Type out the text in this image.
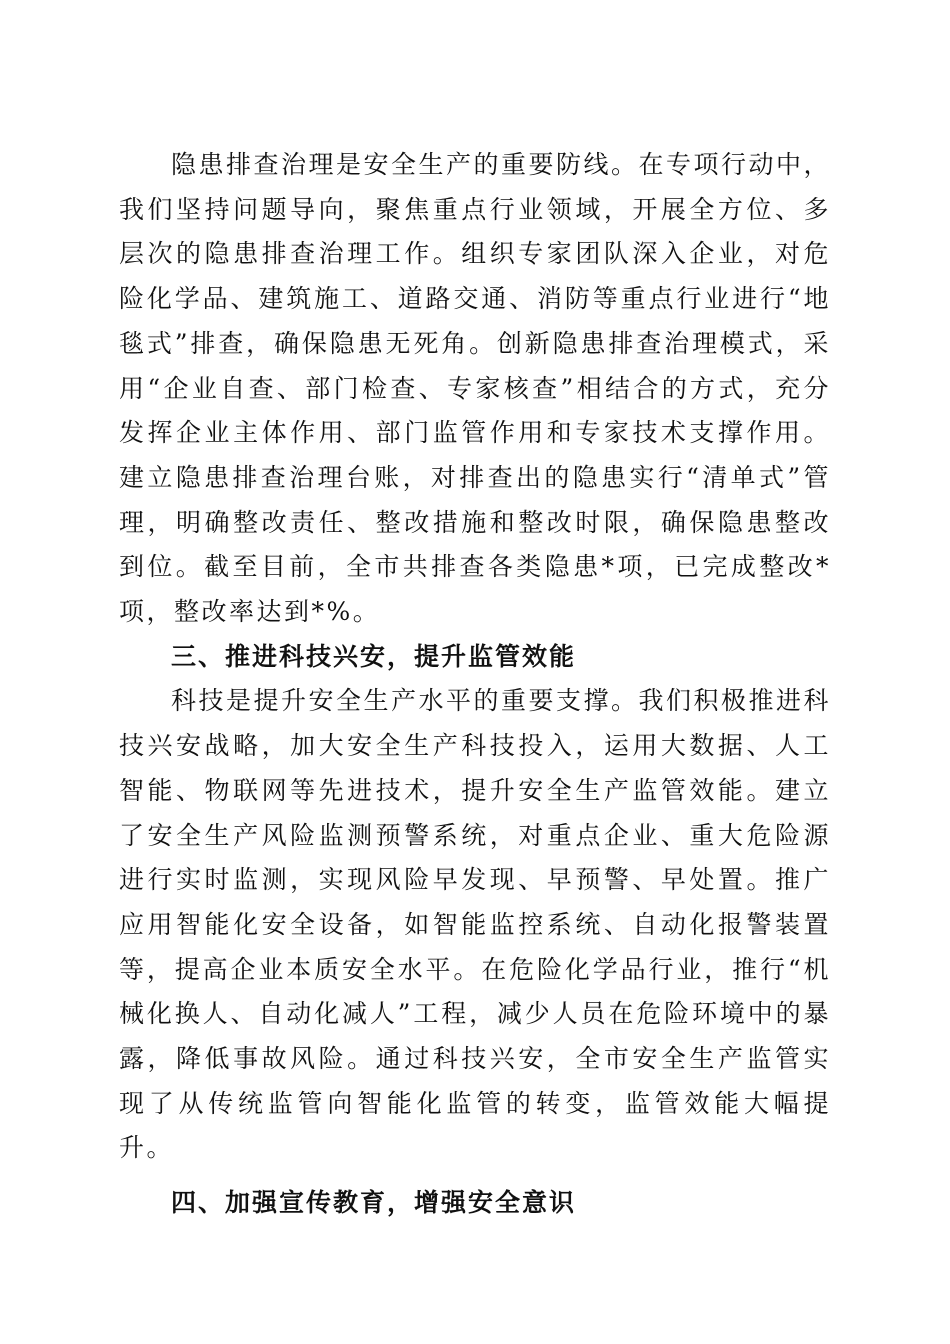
隐患排查治理是安全生产的重要防线。在专项行动中，我们坚持问题导向，聚焦重点行业领域，开展全方位、多层次的隐患排查治理工作。组织专家团队深入企业，对危险化学品、建筑施工、道路交通、消防等重点行业进行“地毯式”排查，确保隐患无死角。创新隐患排查治理模式，采用“企业自查、部门检查、专家核查”相结合的方式，充分发挥企业主体作用、部门监管作用和专家技术支撑作用。建立隐患排查治理台账，对排查出的隐患实行“清单式”管理，明确整改责任、整改措施和整改时限，确保隐患整改到位。截至目前，全市共排查各类隐患*项，已完成整改*项，整改率达到*%。

三、推进科技兴安，提升监管效能

科技是提升安全生产水平的重要支撑。我们积极推进科技兴安战略，加大安全生产科技投入，运用大数据、人工智能、物联网等先进技术，提升安全生产监管效能。建立了安全生产风险监测预警系统，对重点企业、重大危险源进行实时监测，实现风险早发现、早预警、早处置。推广应用智能化安全设备，如智能监控系统、自动化报警装置等，提高企业本质安全水平。在危险化学品行业，推行“机械化换人、自动化减人”工程，减少人员在危险环境中的暴露，降低事故风险。通过科技兴安，全市安全生产监管实现了从传统监管向智能化监管的转变，监管效能大幅提升。

四、加强宣传教育，增强安全意识
